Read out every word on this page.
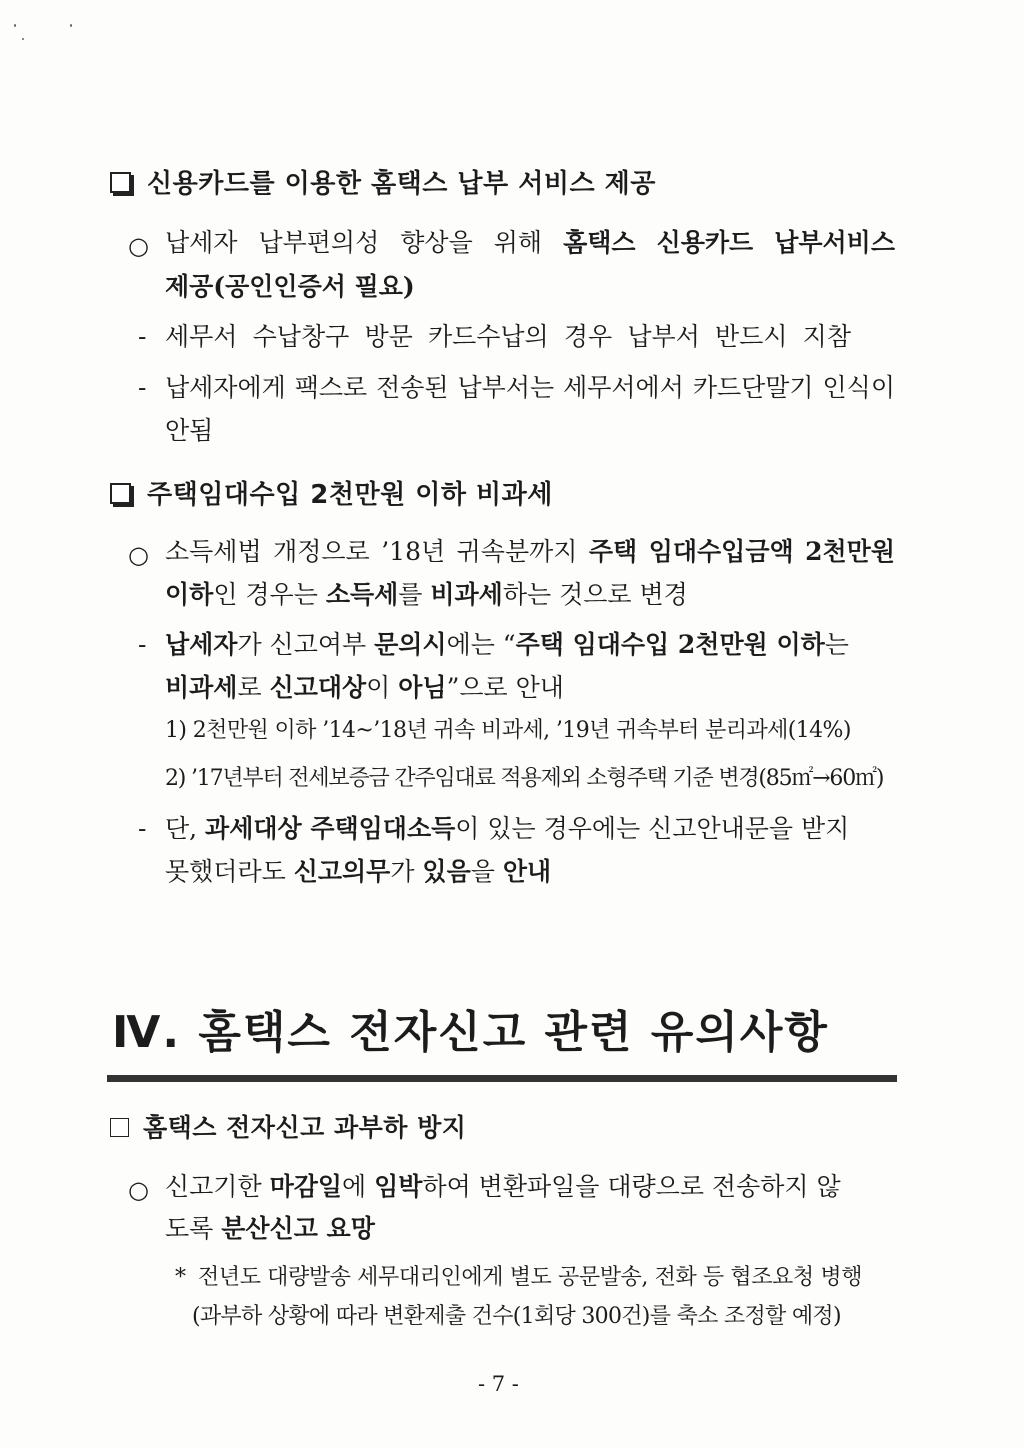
신용카드를 이용한 홈택스 납부 서비스 제공
○ 납세자 납부편의성 향상을 위해 홈택스 신용카드 납부서비스
제공(공인인증서 필요)
- 세무서 수납창구 방문 카드수납의 경우 납부서 반드시 지참
- 납세자에게 팩스로 전송된 납부서는 세무서에서 카드단말기 인식이
안됨
주택임대수입 2천만원 이하 비과세
○ 소득세법 개정으로 ’18년 귀속분까지 주택 임대수입금액 2천만원
이하인 경우는 소득세를 비과세하는 것으로 변경
- 납세자가 신고여부 문의시에는 “주택 임대수입 2천만원 이하는
비과세로 신고대상이 아님”으로 안내
1) 2천만원 이하 ’14~’18년 귀속 비과세, ’19년 귀속부터 분리과세(14%)
2) ’17년부터 전세보증금 간주임대료 적용제외 소형주택 기준 변경(85㎡→60㎡)
- 단, 과세대상 주택임대소득이 있는 경우에는 신고안내문을 받지
못했더라도 신고의무가 있음을 안내
Ⅳ. 홈택스 전자신고 관련 유의사항
홈택스 전자신고 과부하 방지
○ 신고기한 마감일에 임박하여 변환파일을 대량으로 전송하지 않
도록 분산신고 요망
* 전년도 대량발송 세무대리인에게 별도 공문발송, 전화 등 협조요청 병행
(과부하 상황에 따라 변환제출 건수(1회당 300건)를 축소 조정할 예정)
- 7 -
